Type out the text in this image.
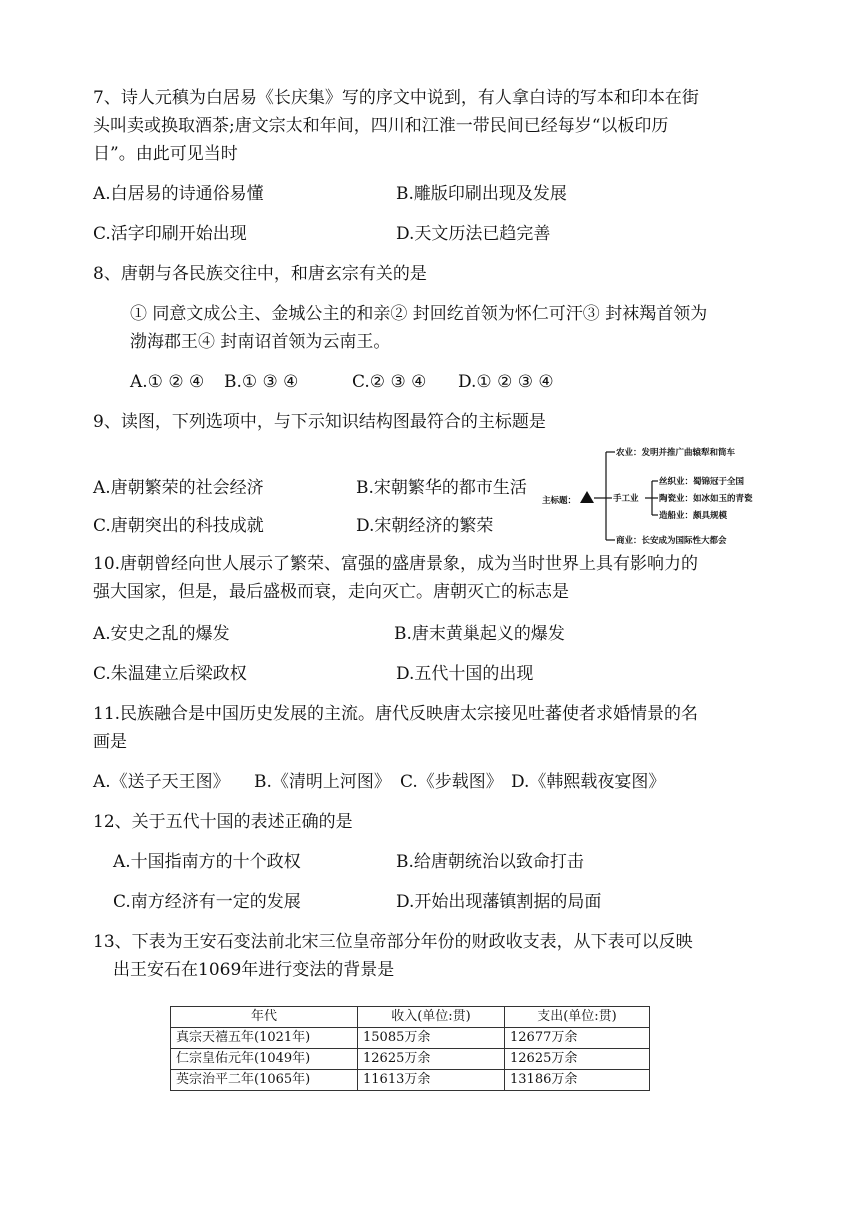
7、诗人元稹为白居易《长庆集》写的序文中说到，有人拿白诗的写本和印本在街
头叫卖或换取酒茶;唐文宗太和年间，四川和江淮一带民间已经每岁“以板印历
日”。由此可见当时
A.白居易的诗通俗易懂	B.雕版印刷出现及发展
C.活字印刷开始出现	D.天文历法已趋完善
8、唐朝与各民族交往中，和唐玄宗有关的是
① 同意文成公主、金城公主的和亲② 封回纥首领为怀仁可汗③ 封袜羯首领为
渤海郡王④ 封南诏首领为云南王。
A.① ② ④ B.① ③ ④	C.② ③ ④ D.① ② ③ ④
9、读图，下列选项中，与下示知识结构图最符合的主标题是
A.唐朝繁荣的社会经济	B.宋朝繁华的都市生活
C.唐朝突出的科技成就	D.宋朝经济的繁荣
主标题：
农业：发明并推广曲辕犁和筒车
手工业
丝织业：蜀锦冠于全国
陶瓷业：如冰如玉的青瓷
造船业：颇具规模
商业：长安成为国际性大都会
10.唐朝曾经向世人展示了繁荣、富强的盛唐景象，成为当时世界上具有影响力的
强大国家，但是，最后盛极而衰，走向灭亡。唐朝灭亡的标志是
A.安史之乱的爆发	B.唐末黄巢起义的爆发
C.朱温建立后梁政权	D.五代十国的出现
11.民族融合是中国历史发展的主流。唐代反映唐太宗接见吐蕃使者求婚情景的名
画是
A.《送子天王图》 B.《清明上河图》 C.《步载图》 D.《韩熙载夜宴图》
12、关于五代十国的表述正确的是
A.十国指南方的十个政权	B.给唐朝统治以致命打击
C.南方经济有一定的发展	D.开始出现藩镇割据的局面
13、下表为王安石变法前北宋三位皇帝部分年份的财政收支表，从下表可以反映
出王安石在1069年进行变法的背景是
年代	收入(单位:贯)	支出(单位:贯)
真宗天禧五年(1021年)	15085万余	12677万余
仁宗皇佑元年(1049年)	12625万余	12625万余
英宗治平二年(1065年)	11613万余	13186万余
